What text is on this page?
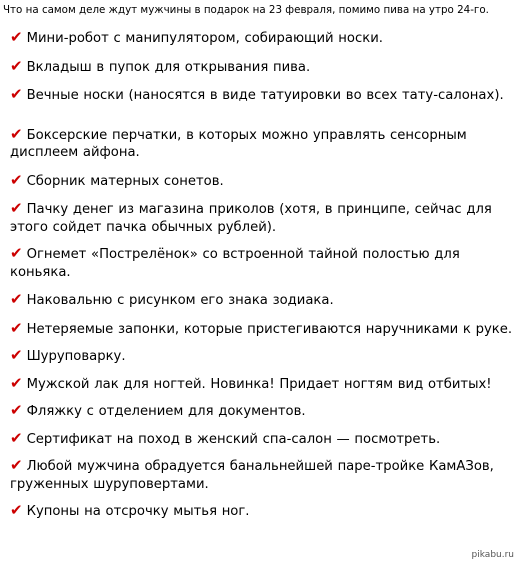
Что на самом деле ждут мужчины в подарок на 23 февраля, помимо пива на утро 24-го.
✔ Мини-робот с манипулятором, собирающий носки.
✔ Вкладыш в пупок для открывания пива.
✔ Вечные носки (наносятся в виде татуировки во всех тату-салонах).
✔ Боксерские перчатки, в которых можно управлять сенсорным дисплеем айфона.
✔ Сборник матерных сонетов.
✔ Пачку денег из магазина приколов (хотя, в принципе, сейчас для этого сойдет пачка обычных рублей).
✔ Огнемет «Пострелёнок» со встроенной тайной полостью для коньяка.
✔ Наковальню с рисунком его знака зодиака.
✔ Нетеряемые запонки, которые пристегиваются наручниками к руке.
✔ Шуруповарку.
✔ Мужской лак для ногтей. Новинка! Придает ногтям вид отбитых!
✔ Фляжку с отделением для документов.
✔ Сертификат на поход в женский спа-салон — посмотреть.
✔ Любой мужчина обрадуется банальнейшей паре-тройке КамАЗов, груженных шуруповертами.
✔ Купоны на отсрочку мытья ног.
pikabu.ru
